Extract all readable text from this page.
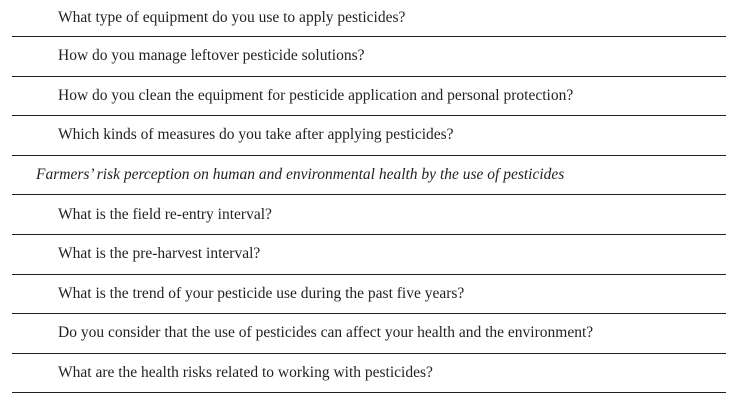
What type of equipment do you use to apply pesticides?
How do you manage leftover pesticide solutions?
How do you clean the equipment for pesticide application and personal protection?
Which kinds of measures do you take after applying pesticides?
Farmers’ risk perception on human and environmental health by the use of pesticides
What is the field re-entry interval?
What is the pre-harvest interval?
What is the trend of your pesticide use during the past five years?
Do you consider that the use of pesticides can affect your health and the environment?
What are the health risks related to working with pesticides?
